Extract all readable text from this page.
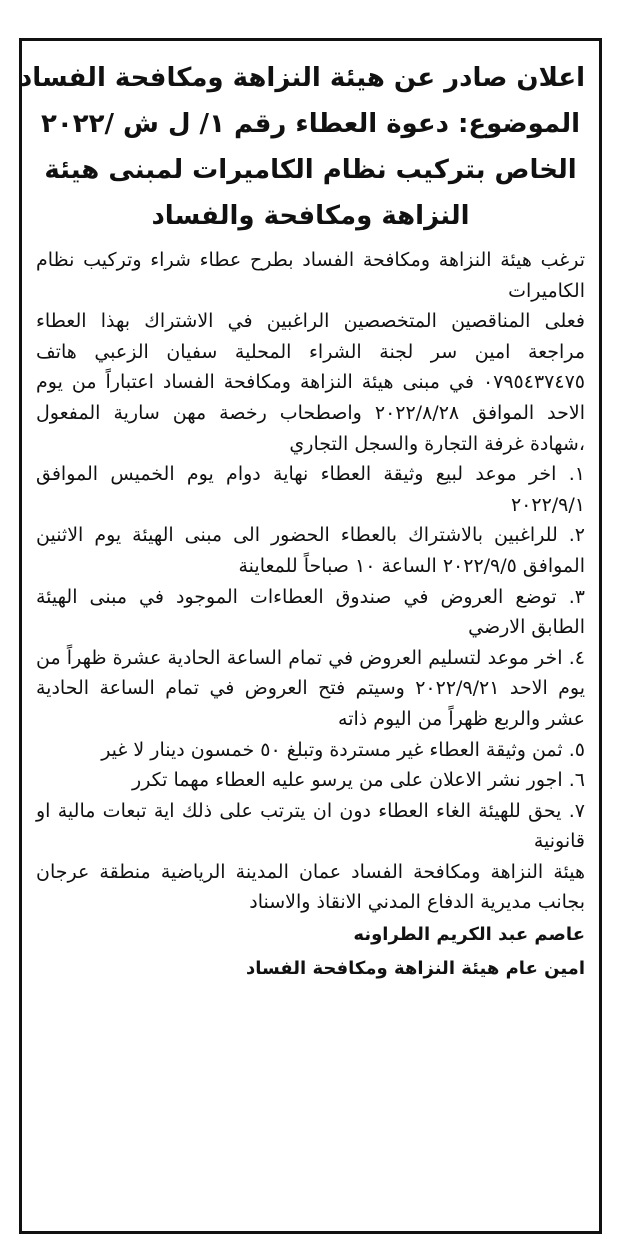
اعلان صادر عن هيئة النزاهة ومكافحة الفساد
الموضوع: دعوة العطاء رقم ١/ ل ش /٢٠٢٢
الخاص بتركيب نظام الكاميرات لمبنى هيئة
النزاهة ومكافحة والفساد

ترغب هيئة النزاهة ومكافحة الفساد بطرح عطاء شراء وتركيب نظام الكاميرات

فعلى المناقصين المتخصصين الراغبين في الاشتراك بهذا العطاء مراجعة امين سر لجنة الشراء المحلية سفيان الزعبي هاتف ٠٧٩٥٤٣٧٤٧٥ في مبنى هيئة النزاهة ومكافحة الفساد اعتباراً من يوم الاحد الموافق ٢٠٢٢/٨/٢٨ واصطحاب رخصة مهن سارية المفعول ،شهادة غرفة التجارة والسجل التجاري

١. اخر موعد لبيع وثيقة العطاء نهاية دوام يوم الخميس الموافق ٢٠٢٢/٩/١

٢. للراغبين بالاشتراك بالعطاء الحضور الى مبنى الهيئة يوم الاثنين الموافق ٢٠٢٢/٩/٥ الساعة ١٠ صباحاً للمعاينة

٣. توضع العروض في صندوق العطاءات الموجود في مبنى الهيئة الطابق الارضي

٤. اخر موعد لتسليم العروض في تمام الساعة الحادية عشرة ظهراً من يوم الاحد ٢٠٢٢/٩/٢١ وسيتم فتح العروض في تمام الساعة الحادية عشر والربع ظهراً من اليوم ذاته

٥. ثمن وثيقة العطاء غير مستردة وتبلغ ٥٠ خمسون دينار لا غير

٦. اجور نشر الاعلان على من يرسو عليه العطاء مهما تكرر

٧. يحق للهيئة الغاء العطاء دون ان يترتب على ذلك اية تبعات مالية او قانونية

هيئة النزاهة ومكافحة الفساد عمان المدينة الرياضية منطقة عرجان بجانب مديرية الدفاع المدني الانقاذ والاسناد

عاصم عبد الكريم الطراونه

امين عام هيئة النزاهة ومكافحة الفساد
